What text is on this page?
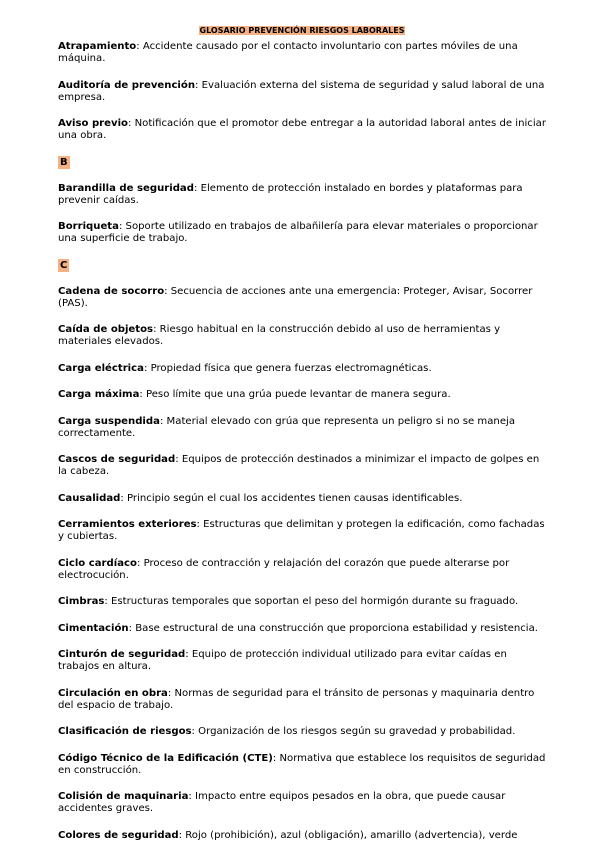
GLOSARIO PREVENCIÓN RIESGOS LABORALES
Atrapamiento: Accidente causado por el contacto involuntario con partes móviles de una máquina.
Auditoría de prevención: Evaluación externa del sistema de seguridad y salud laboral de una empresa.
Aviso previo: Notificación que el promotor debe entregar a la autoridad laboral antes de iniciar una obra.
B
Barandilla de seguridad: Elemento de protección instalado en bordes y plataformas para prevenir caídas.
Borriqueta: Soporte utilizado en trabajos de albañilería para elevar materiales o proporcionar una superficie de trabajo.
C
Cadena de socorro: Secuencia de acciones ante una emergencia: Proteger, Avisar, Socorrer (PAS).
Caída de objetos: Riesgo habitual en la construcción debido al uso de herramientas y materiales elevados.
Carga eléctrica: Propiedad física que genera fuerzas electromagnéticas.
Carga máxima: Peso límite que una grúa puede levantar de manera segura.
Carga suspendida: Material elevado con grúa que representa un peligro si no se maneja correctamente.
Cascos de seguridad: Equipos de protección destinados a minimizar el impacto de golpes en la cabeza.
Causalidad: Principio según el cual los accidentes tienen causas identificables.
Cerramientos exteriores: Estructuras que delimitan y protegen la edificación, como fachadas y cubiertas.
Ciclo cardíaco: Proceso de contracción y relajación del corazón que puede alterarse por electrocución.
Cimbras: Estructuras temporales que soportan el peso del hormigón durante su fraguado.
Cimentación: Base estructural de una construcción que proporciona estabilidad y resistencia.
Cinturón de seguridad: Equipo de protección individual utilizado para evitar caídas en trabajos en altura.
Circulación en obra: Normas de seguridad para el tránsito de personas y maquinaria dentro del espacio de trabajo.
Clasificación de riesgos: Organización de los riesgos según su gravedad y probabilidad.
Código Técnico de la Edificación (CTE): Normativa que establece los requisitos de seguridad en construcción.
Colisión de maquinaria: Impacto entre equipos pesados en la obra, que puede causar accidentes graves.
Colores de seguridad: Rojo (prohibición), azul (obligación), amarillo (advertencia), verde
